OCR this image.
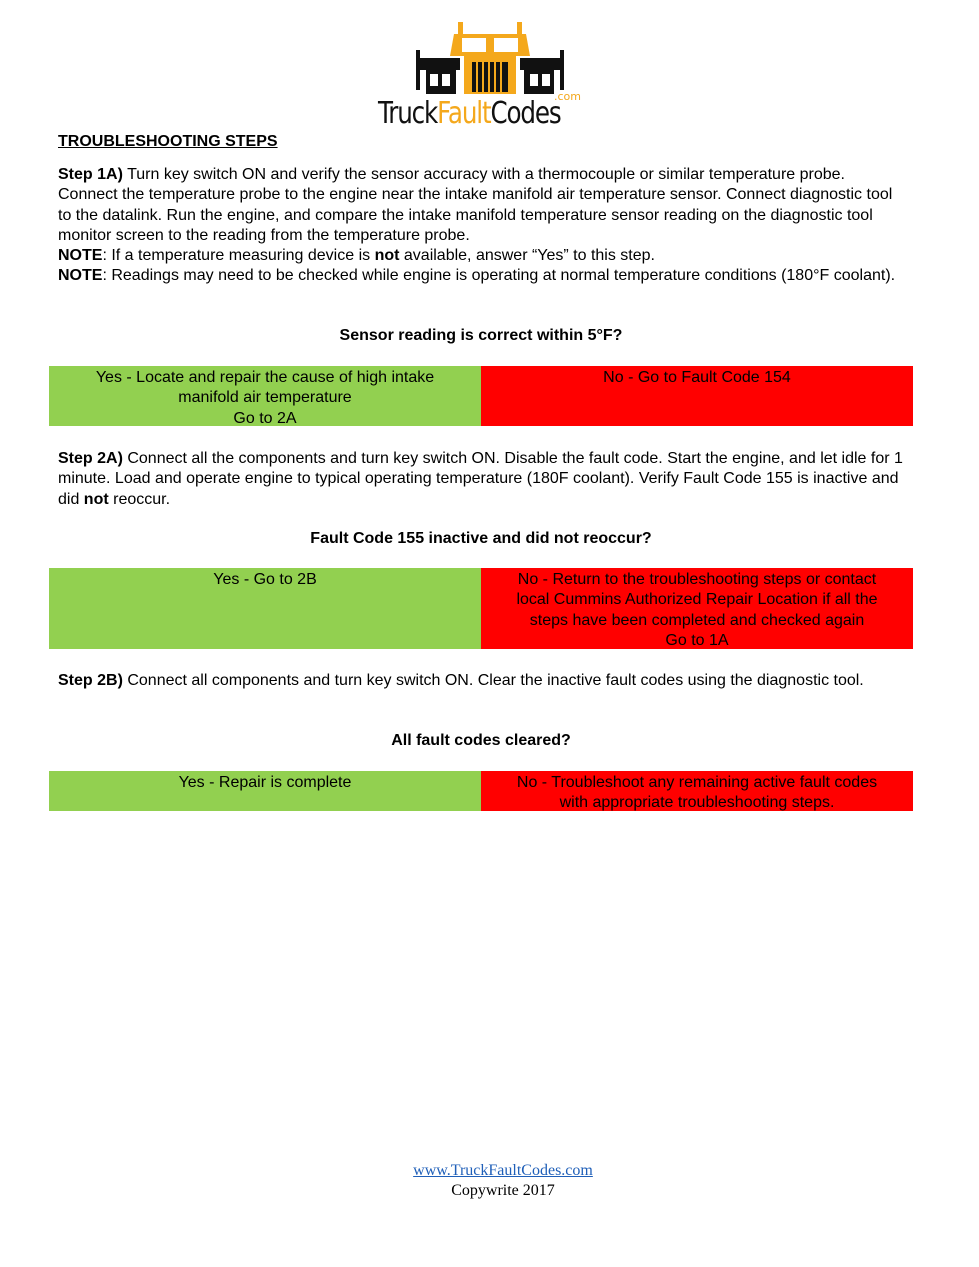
.com
TruckFaultCodes
TROUBLESHOOTING STEPS
Step 1A) Turn key switch ON and verify the sensor accuracy with a thermocouple or similar temperature probe. Connect the temperature probe to the engine near the intake manifold air temperature sensor. Connect diagnostic tool to the datalink. Run the engine, and compare the intake manifold temperature sensor reading on the diagnostic tool monitor screen to the reading from the temperature probe.
NOTE: If a temperature measuring device is not available, answer “Yes” to this step.
NOTE: Readings may need to be checked while engine is operating at normal temperature conditions (180°F coolant).
Sensor reading is correct within 5°F?
Yes - Locate and repair the cause of high intake
manifold air temperature
Go to 2A
No - Go to Fault Code 154
Step 2A) Connect all the components and turn key switch ON. Disable the fault code. Start the engine, and let idle for 1 minute. Load and operate engine to typical operating temperature (180F coolant). Verify Fault Code 155 is inactive and did not reoccur.
Fault Code 155 inactive and did not reoccur?
Yes - Go to 2B	No - Return to the troubleshooting steps or contact
local Cummins Authorized Repair Location if all the
steps have been completed and checked again
Go to 1A
Step 2B) Connect all components and turn key switch ON. Clear the inactive fault codes using the diagnostic tool.
All fault codes cleared?
Yes - Repair is complete	No - Troubleshoot any remaining active fault codes
with appropriate troubleshooting steps.
www.TruckFaultCodes.com
Copywrite 2017
